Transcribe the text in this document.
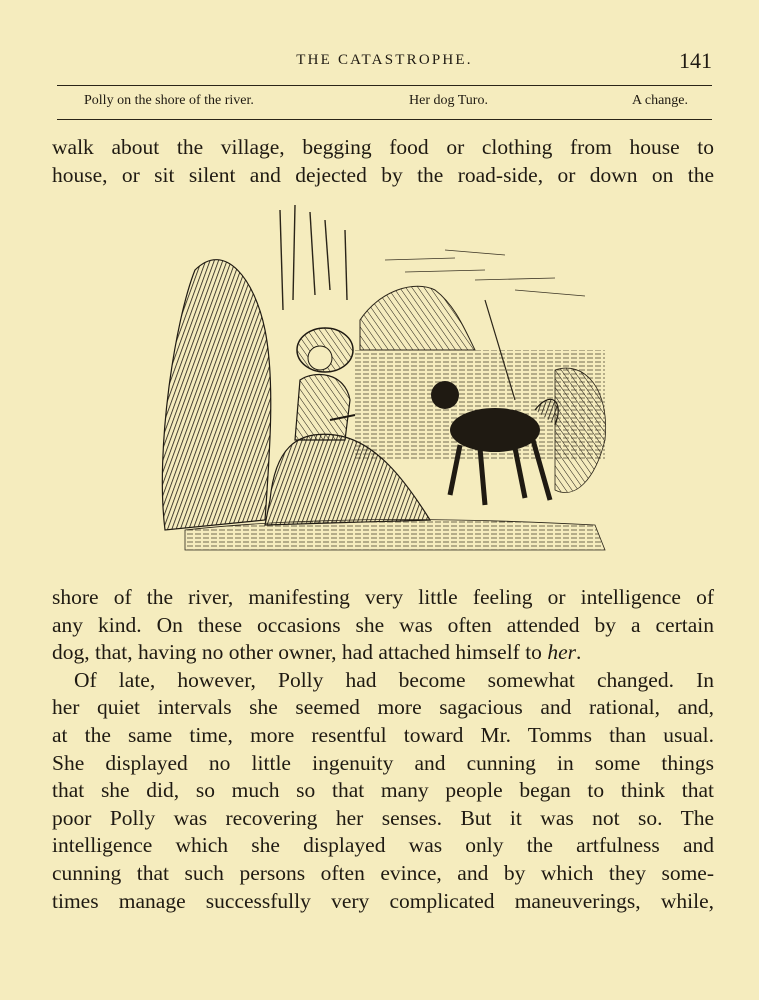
THE CATASTROPHE.	141
Polly on the shore of the river.	Her dog Turo.	A change.
walk about the village, begging food or clothing from house to
house, or sit silent and dejected by the road-side, or down on the
shore of the river, manifesting very little feeling or intelligence of
any kind. On these occasions she was often attended by a certain
dog, that, having no other owner, had attached himself to her.
Of late, however, Polly had become somewhat changed. In
her quiet intervals she seemed more sagacious and rational, and,
at the same time, more resentful toward Mr. Tomms than usual.
She displayed no little ingenuity and cunning in some things
that she did, so much so that many people began to think that
poor Polly was recovering her senses. But it was not so. The
intelligence which she displayed was only the artfulness and
cunning that such persons often evince, and by which they some-
times manage successfully very complicated maneuverings, while,
